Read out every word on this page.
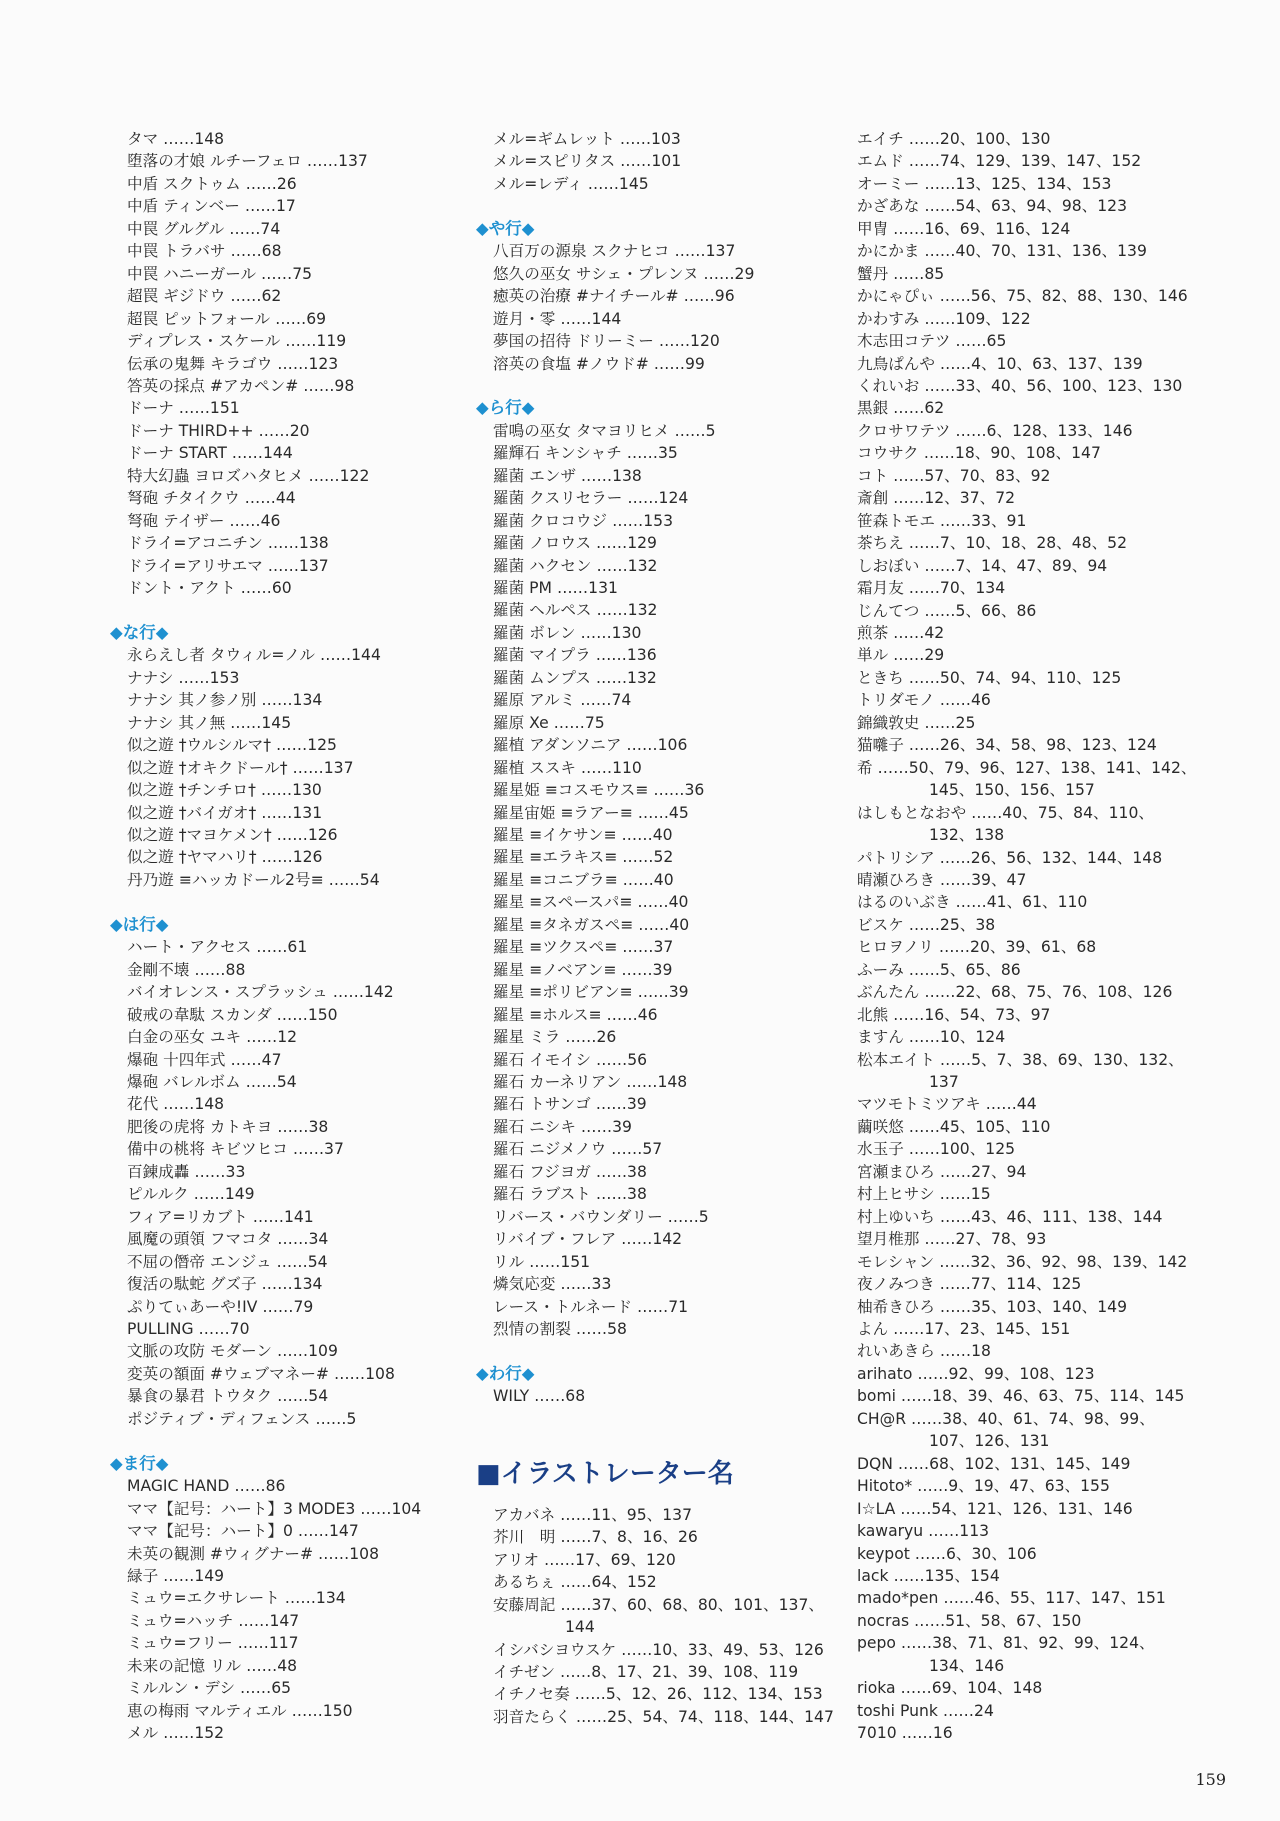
タマ ……148
堕落の才娘 ルチーフェロ ……137
中盾 スクトゥム ……26
中盾 ティンベー ……17
中罠 グルグル ……74
中罠 トラバサ ……68
中罠 ハニーガール ……75
超罠 ギジドウ ……62
超罠 ピットフォール ……69
ディプレス・スケール ……119
伝承の鬼舞 キラゴウ ……123
答英の採点 #アカペン# ……98
ドーナ ……151
ドーナ THIRD++ ……20
ドーナ START ……144
特大幻蟲 ヨロズハタヒメ ……122
弩砲 チタイクウ ……44
弩砲 テイザー ……46
ドライ=アコニチン ……138
ドライ=アリサエマ ……137
ドント・アクト ……60
◆な行◆
永らえし者 タウィル=ノル ……144
ナナシ ……153
ナナシ 其ノ参ノ別 ……134
ナナシ 其ノ無 ……145
似之遊 †ウルシルマ† ……125
似之遊 †オキクドール† ……137
似之遊 †チンチロ† ……130
似之遊 †バイガオ† ……131
似之遊 †マヨケメン† ……126
似之遊 †ヤマハリ† ……126
丹乃遊 ≡ハッカドール2号≡ ……54
◆は行◆
ハート・アクセス ……61
金剛不壊 ……88
バイオレンス・スプラッシュ ……142
破戒の韋駄 スカンダ ……150
白金の巫女 ユキ ……12
爆砲 十四年式 ……47
爆砲 バレルボム ……54
花代 ……148
肥後の虎将 カトキヨ ……38
備中の桃将 キビツヒコ ……37
百錬成轟 ……33
ピルルク ……149
フィア=リカブト ……141
風魔の頭領 フマコタ ……34
不屈の僭帝 エンジュ ……54
復活の駄蛇 グズ子 ……134
ぷりてぃあーや!IV ……79
PULLING ……70
文脈の攻防 モダーン ……109
変英の額面 #ウェブマネー# ……108
暴食の暴君 トウタク ……54
ポジティブ・ディフェンス ……5
◆ま行◆
MAGIC HAND ……86
ママ【記号：ハート】3 MODE3 ……104
ママ【記号：ハート】0 ……147
未英の観測 #ウィグナー# ……108
緑子 ……149
ミュウ=エクサレート ……134
ミュウ=ハッチ ……147
ミュウ=フリー ……117
未来の記憶 リル ……48
ミルルン・デシ ……65
恵の梅雨 マルティエル ……150
メル ……152
メル=ギムレット ……103
メル=スピリタス ……101
メル=レディ ……145
◆や行◆
八百万の源泉 スクナヒコ ……137
悠久の巫女 サシェ・プレンヌ ……29
癒英の治療 #ナイチール# ……96
遊月・零 ……144
夢国の招待 ドリーミー ……120
溶英の食塩 #ノウド# ……99
◆ら行◆
雷鳴の巫女 タマヨリヒメ ……5
羅輝石 キンシャチ ……35
羅菌 エンザ ……138
羅菌 クスリセラー ……124
羅菌 クロコウジ ……153
羅菌 ノロウス ……129
羅菌 ハクセン ……132
羅菌 PM ……131
羅菌 ヘルペス ……132
羅菌 ボレン ……130
羅菌 マイプラ ……136
羅菌 ムンプス ……132
羅原 アルミ ……74
羅原 Xe ……75
羅植 アダンソニア ……106
羅植 ススキ ……110
羅星姫 ≡コスモウス≡ ……36
羅星宙姫 ≡ラアー≡ ……45
羅星 ≡イケサン≡ ……40
羅星 ≡エラキス≡ ……52
羅星 ≡コニブラ≡ ……40
羅星 ≡スペースパ≡ ……40
羅星 ≡タネガスペ≡ ……40
羅星 ≡ツクスペ≡ ……37
羅星 ≡ノベアン≡ ……39
羅星 ≡ポリビアン≡ ……39
羅星 ≡ホルス≡ ……46
羅星 ミラ ……26
羅石 イモイシ ……56
羅石 カーネリアン ……148
羅石 トサンゴ ……39
羅石 ニシキ ……39
羅石 ニジメノウ ……57
羅石 フジヨガ ……38
羅石 ラブスト ……38
リバース・バウンダリー ……5
リバイブ・フレア ……142
リル ……151
燐気応変 ……33
レース・トルネード ……71
烈情の割裂 ……58
◆わ行◆
WILY ……68
■イラストレーター名
アカバネ ……11、95、137
芥川　明 ……7、8、16、26
アリオ ……17、69、120
あるちぇ ……64、152
安藤周記 ……37、60、68、80、101、137、144
イシバシヨウスケ ……10、33、49、53、126
イチゼン ……8、17、21、39、108、119
イチノセ奏 ……5、12、26、112、134、153
羽音たらく ……25、54、74、118、144、147
エイチ ……20、100、130
エムド ……74、129、139、147、152
オーミー ……13、125、134、153
かざあな ……54、63、94、98、123
甲冑 ……16、69、116、124
かにかま ……40、70、131、136、139
蟹丹 ……85
かにゃぴぃ ……56、75、82、88、130、146
かわすみ ……109、122
木志田コテツ ……65
九鳥ぱんや ……4、10、63、137、139
くれいお ……33、40、56、100、123、130
黒銀 ……62
クロサワテツ ……6、128、133、146
コウサク ……18、90、108、147
コト ……57、70、83、92
斎創 ……12、37、72
笹森トモエ ……33、91
茶ちえ ……7、10、18、28、48、52
しおぼい ……7、14、47、89、94
霜月友 ……70、134
じんてつ ……5、66、86
煎茶 ……42
単ル ……29
ときち ……50、74、94、110、125
トリダモノ ……46
錦織敦史 ……25
猫囃子 ……26、34、58、98、123、124
希 ……50、79、96、127、138、141、142、145、150、156、157
はしもとなおや ……40、75、84、110、132、138
パトリシア ……26、56、132、144、148
晴瀬ひろき ……39、47
はるのいぶき ……41、61、110
ビスケ ……25、38
ヒロヲノリ ……20、39、61、68
ふーみ ……5、65、86
ぶんたん ……22、68、75、76、108、126
北熊 ……16、54、73、97
ますん ……10、124
松本エイト ……5、7、38、69、130、132、137
マツモトミツアキ ……44
繭咲悠 ……45、105、110
水玉子 ……100、125
宮瀬まひろ ……27、94
村上ヒサシ ……15
村上ゆいち ……43、46、111、138、144
望月椎那 ……27、78、93
モレシャン ……32、36、92、98、139、142
夜ノみつき ……77、114、125
柚希きひろ ……35、103、140、149
よん ……17、23、145、151
れいあきら ……18
arihato ……92、99、108、123
bomi ……18、39、46、63、75、114、145
CH@R ……38、40、61、74、98、99、107、126、131
DQN ……68、102、131、145、149
Hitoto* ……9、19、47、63、155
I☆LA ……54、121、126、131、146
kawaryu ……113
keypot ……6、30、106
lack ……135、154
mado*pen ……46、55、117、147、151
nocras ……51、58、67、150
pepo ……38、71、81、92、99、124、134、146
rioka ……69、104、148
toshi Punk ……24
7010 ……16
159
